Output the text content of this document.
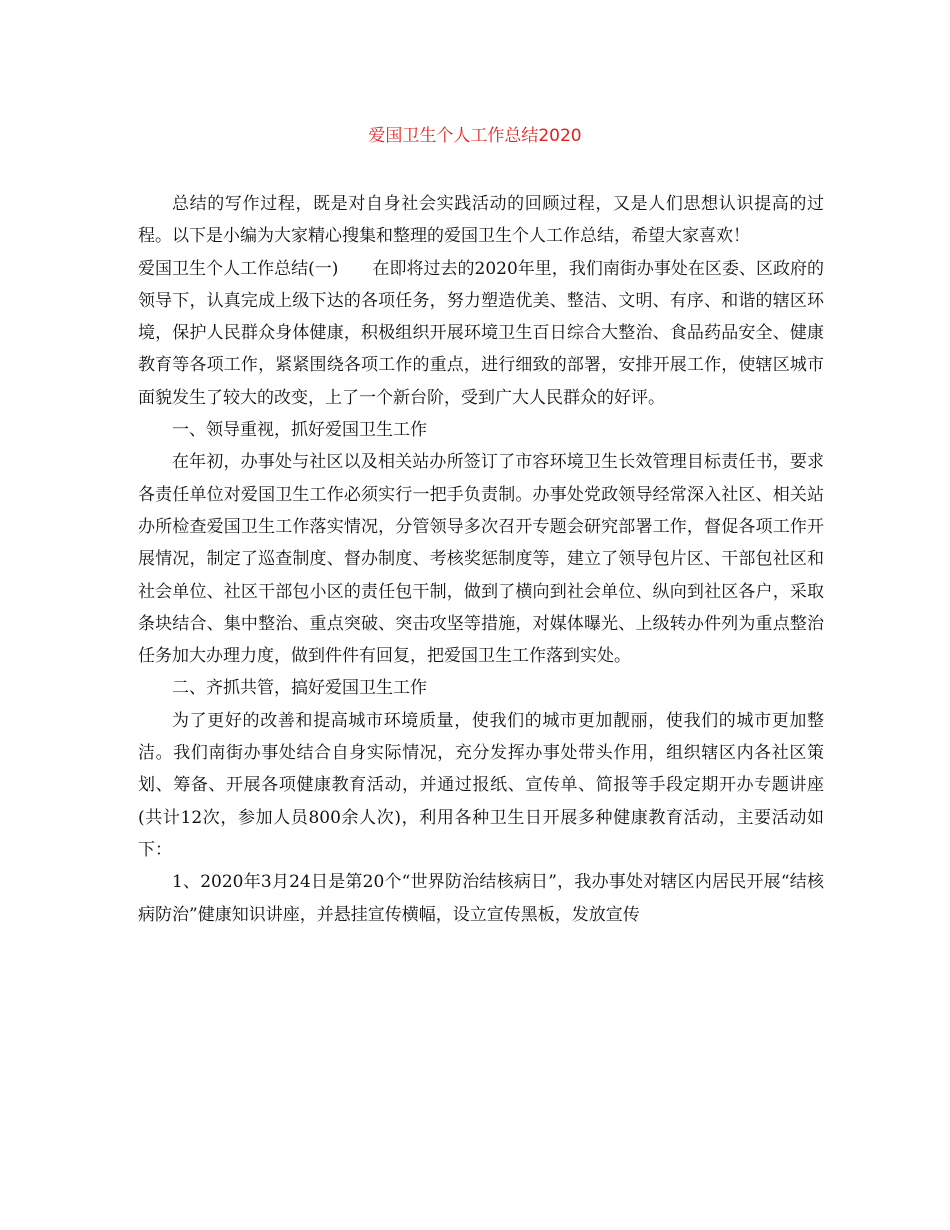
爱国卫生个人工作总结2020

总结的写作过程，既是对自身社会实践活动的回顾过程，又是人们思想认识提高的过程。以下是小编为大家精心搜集和整理的爱国卫生个人工作总结，希望大家喜欢！

爱国卫生个人工作总结(一) 在即将过去的2020年里，我们南街办事处在区委、区政府的领导下，认真完成上级下达的各项任务，努力塑造优美、整洁、文明、有序、和谐的辖区环境，保护人民群众身体健康，积极组织开展环境卫生百日综合大整治、食品药品安全、健康教育等各项工作，紧紧围绕各项工作的重点，进行细致的部署，安排开展工作，使辖区城市面貌发生了较大的改变，上了一个新台阶，受到广大人民群众的好评。

一、领导重视，抓好爱国卫生工作

在年初，办事处与社区以及相关站办所签订了市容环境卫生长效管理目标责任书，要求各责任单位对爱国卫生工作必须实行一把手负责制。办事处党政领导经常深入社区、相关站办所检查爱国卫生工作落实情况，分管领导多次召开专题会研究部署工作，督促各项工作开展情况，制定了巡查制度、督办制度、考核奖惩制度等，建立了领导包片区、干部包社区和社会单位、社区干部包小区的责任包干制，做到了横向到社会单位、纵向到社区各户，采取条块结合、集中整治、重点突破、突击攻坚等措施，对媒体曝光、上级转办件列为重点整治任务加大办理力度，做到件件有回复，把爱国卫生工作落到实处。

二、齐抓共管，搞好爱国卫生工作

为了更好的改善和提高城市环境质量，使我们的城市更加靓丽，使我们的城市更加整洁。我们南街办事处结合自身实际情况，充分发挥办事处带头作用，组织辖区内各社区策划、筹备、开展各项健康教育活动，并通过报纸、宣传单、简报等手段定期开办专题讲座(共计12次，参加人员800余人次)，利用各种卫生日开展多种健康教育活动，主要活动如下：

1、2020年3月24日是第20个“世界防治结核病日”，我办事处对辖区内居民开展“结核病防治”健康知识讲座，并悬挂宣传横幅，设立宣传黑板，发放宣传
